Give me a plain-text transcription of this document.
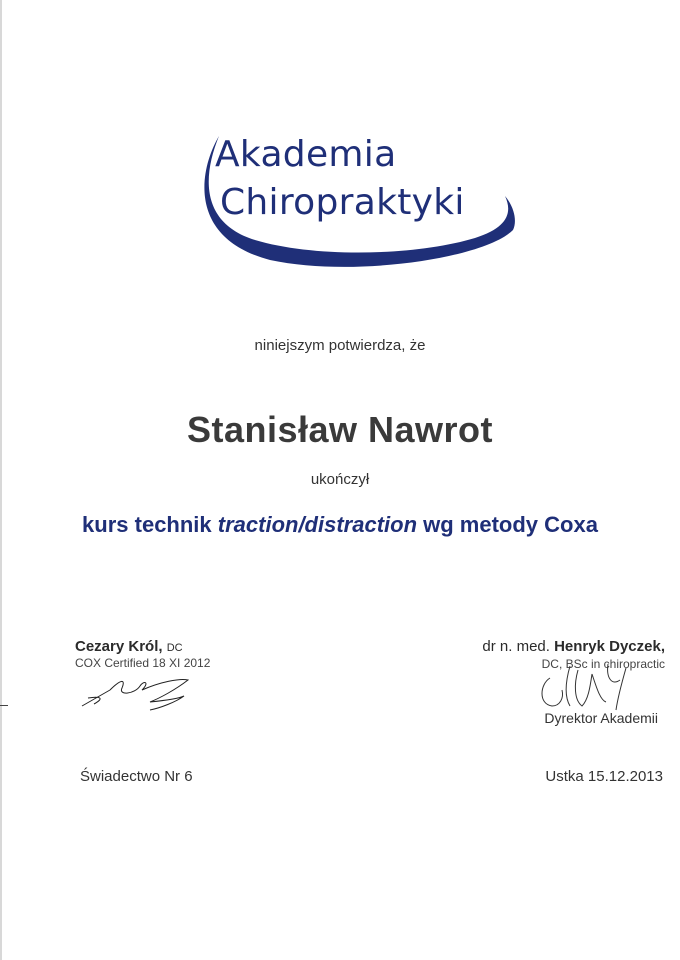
Akademia
Chiropraktyki
niniejszym potwierdza, że
Stanisław Nawrot
ukończył
kurs technik traction/distraction wg metody Coxa
Cezary Król, DC
COX Certified 18 XI 2012
dr n. med. Henryk Dyczek,
DC, BSc in chiropractic
Dyrektor Akademii
Świadectwo Nr 6	Ustka 15.12.2013
